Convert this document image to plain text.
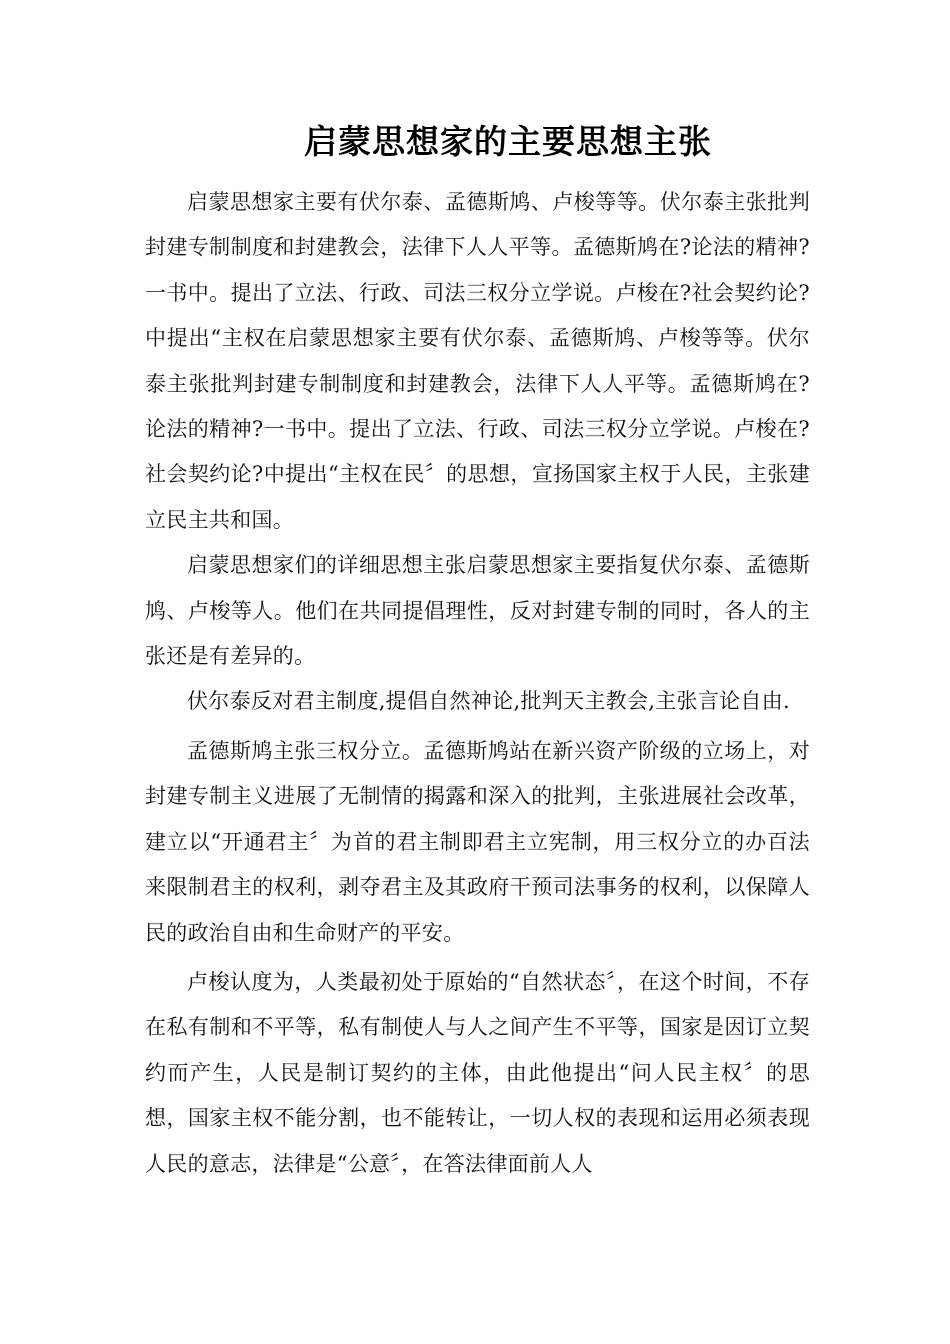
启蒙思想家的主要思想主张

启蒙思想家主要有伏尔泰、孟德斯鸠、卢梭等等。伏尔泰主张批判封建专制制度和封建教会，法律下人人平等。孟德斯鸠在?论法的精神?一书中。提出了立法、行政、司法三权分立学说。卢梭在?社会契约论?中提出“主权在启蒙思想家主要有伏尔泰、孟德斯鸠、卢梭等等。伏尔泰主张批判封建专制制度和封建教会，法律下人人平等。孟德斯鸠在?论法的精神?一书中。提出了立法、行政、司法三权分立学说。卢梭在?社会契约论?中提出“主权在民〞的思想，宣扬国家主权于人民，主张建立民主共和国。

启蒙思想家们的详细思想主张启蒙思想家主要指复伏尔泰、孟德斯鸠、卢梭等人。他们在共同提倡理性，反对封建专制的同时，各人的主张还是有差异的。

伏尔泰反对君主制度,提倡自然神论,批判天主教会,主张言论自由.

孟德斯鸠主张三权分立。孟德斯鸠站在新兴资产阶级的立场上，对封建专制主义进展了无制情的揭露和深入的批判，主张进展社会改革，建立以“开通君主〞为首的君主制即君主立宪制，用三权分立的办百法来限制君主的权利，剥夺君主及其政府干预司法事务的权利，以保障人民的政治自由和生命财产的平安。

卢梭认度为，人类最初处于原始的“自然状态〞，在这个时间，不存在私有制和不平等，私有制使人与人之间产生不平等，国家是因订立契约而产生，人民是制订契约的主体，由此他提出“问人民主权〞的思想，国家主权不能分割，也不能转让，一切人权的表现和运用必须表现人民的意志，法律是“公意〞，在答法律面前人人
